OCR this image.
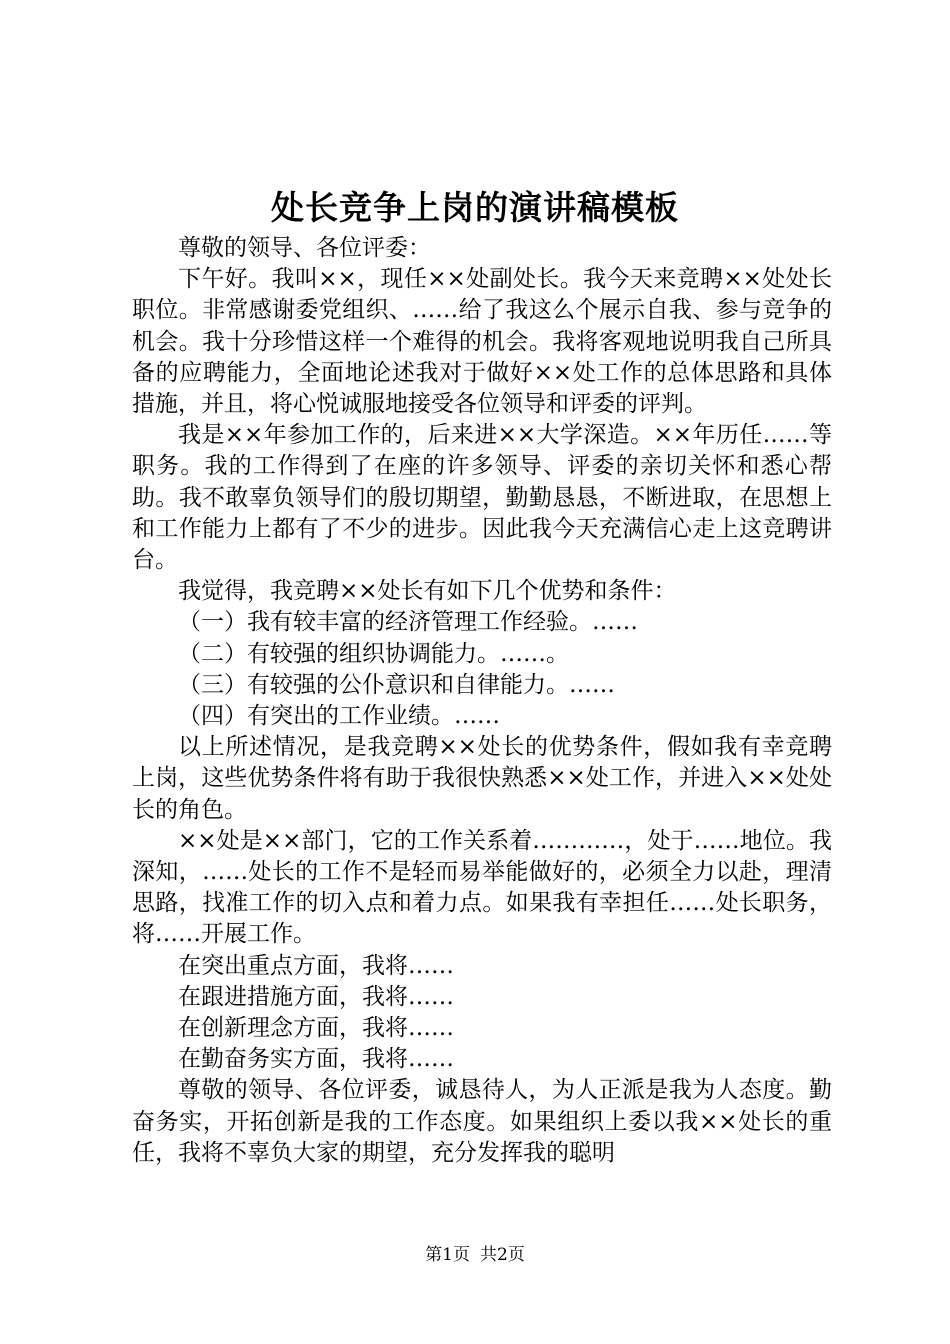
处长竞争上岗的演讲稿模板

尊敬的领导、各位评委：

下午好。我叫××，现任××处副处长。我今天来竞聘××处处长职位。非常感谢委党组织、……给了我这么个展示自我、参与竞争的机会。我十分珍惜这样一个难得的机会。我将客观地说明我自己所具备的应聘能力，全面地论述我对于做好××处工作的总体思路和具体措施，并且，将心悦诚服地接受各位领导和评委的评判。

我是××年参加工作的，后来进××大学深造。××年历任……等职务。我的工作得到了在座的许多领导、评委的亲切关怀和悉心帮助。我不敢辜负领导们的殷切期望，勤勤恳恳，不断进取，在思想上和工作能力上都有了不少的进步。因此我今天充满信心走上这竞聘讲台。

我觉得，我竞聘××处长有如下几个优势和条件：

（一）我有较丰富的经济管理工作经验。……

（二）有较强的组织协调能力。……。

（三）有较强的公仆意识和自律能力。……

（四）有突出的工作业绩。……

以上所述情况，是我竞聘××处长的优势条件，假如我有幸竞聘上岗，这些优势条件将有助于我很快熟悉××处工作，并进入××处处长的角色。

××处是××部门，它的工作关系着…………，处于……地位。我深知，……处长的工作不是轻而易举能做好的，必须全力以赴，理清思路，找准工作的切入点和着力点。如果我有幸担任……处长职务，将……开展工作。

在突出重点方面，我将……

在跟进措施方面，我将……

在创新理念方面，我将……

在勤奋务实方面，我将……

尊敬的领导、各位评委，诚恳待人，为人正派是我为人态度。勤奋务实，开拓创新是我的工作态度。如果组织上委以我××处长的重任，我将不辜负大家的期望，充分发挥我的聪明

第1页 共2页
